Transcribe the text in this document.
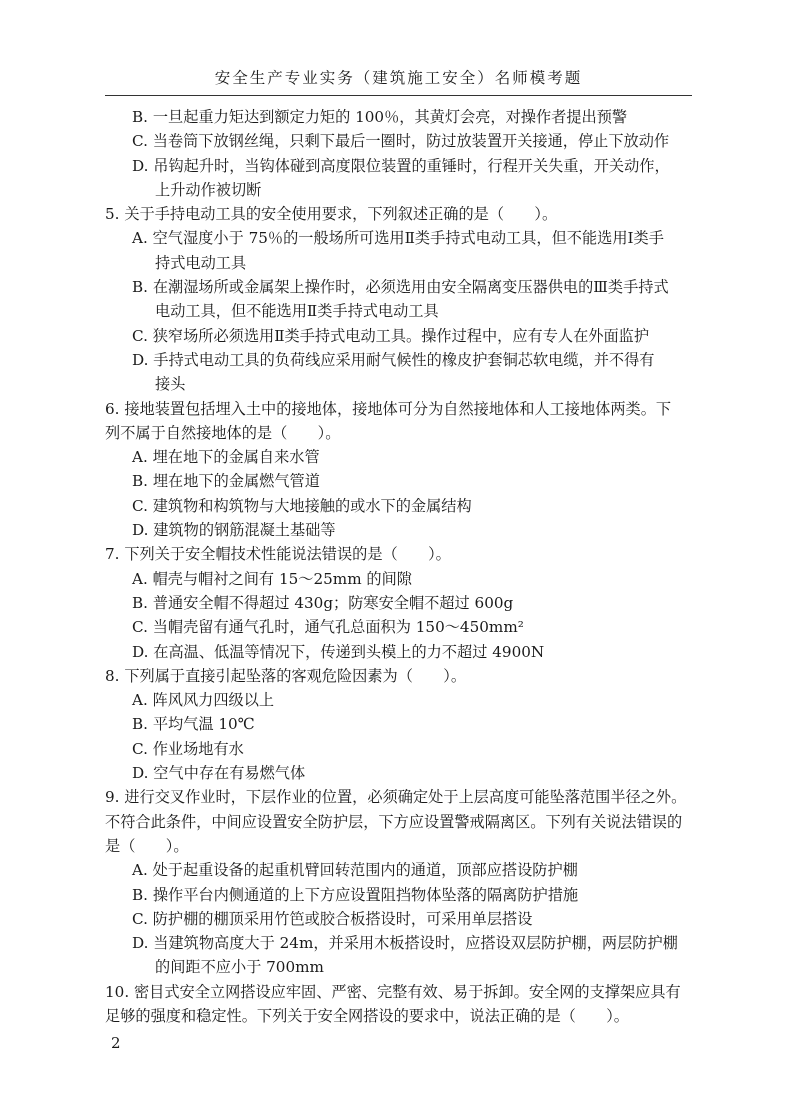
安全生产专业实务（建筑施工安全）名师模考题
B. 一旦起重力矩达到额定力矩的 100％，其黄灯会亮，对操作者提出预警
C. 当卷筒下放钢丝绳，只剩下最后一圈时，防过放装置开关接通，停止下放动作
D. 吊钩起升时，当钩体碰到高度限位装置的重锤时，行程开关失重，开关动作，
上升动作被切断
5. 关于手持电动工具的安全使用要求，下列叙述正确的是（　　）。
A. 空气湿度小于 75％的一般场所可选用Ⅱ类手持式电动工具，但不能选用Ⅰ类手
持式电动工具
B. 在潮湿场所或金属架上操作时，必须选用由安全隔离变压器供电的Ⅲ类手持式
电动工具，但不能选用Ⅱ类手持式电动工具
C. 狭窄场所必须选用Ⅱ类手持式电动工具。操作过程中，应有专人在外面监护
D. 手持式电动工具的负荷线应采用耐气候性的橡皮护套铜芯软电缆，并不得有
接头
6. 接地装置包括埋入土中的接地体，接地体可分为自然接地体和人工接地体两类。下
列不属于自然接地体的是（　　）。
A. 埋在地下的金属自来水管
B. 埋在地下的金属燃气管道
C. 建筑物和构筑物与大地接触的或水下的金属结构
D. 建筑物的钢筋混凝土基础等
7. 下列关于安全帽技术性能说法错误的是（　　）。
A. 帽壳与帽衬之间有 15～25mm 的间隙
B. 普通安全帽不得超过 430g；防寒安全帽不超过 600g
C. 当帽壳留有通气孔时，通气孔总面积为 150～450mm²
D. 在高温、低温等情况下，传递到头模上的力不超过 4900N
8. 下列属于直接引起坠落的客观危险因素为（　　）。
A. 阵风风力四级以上
B. 平均气温 10℃
C. 作业场地有水
D. 空气中存在有易燃气体
9. 进行交叉作业时，下层作业的位置，必须确定处于上层高度可能坠落范围半径之外。
不符合此条件，中间应设置安全防护层，下方应设置警戒隔离区。下列有关说法错误的
是（　　）。
A. 处于起重设备的起重机臂回转范围内的通道，顶部应搭设防护棚
B. 操作平台内侧通道的上下方应设置阻挡物体坠落的隔离防护措施
C. 防护棚的棚顶采用竹笆或胶合板搭设时，可采用单层搭设
D. 当建筑物高度大于 24m，并采用木板搭设时，应搭设双层防护棚，两层防护棚
的间距不应小于 700mm
10. 密目式安全立网搭设应牢固、严密、完整有效、易于拆卸。安全网的支撑架应具有
足够的强度和稳定性。下列关于安全网搭设的要求中，说法正确的是（　　）。
2
